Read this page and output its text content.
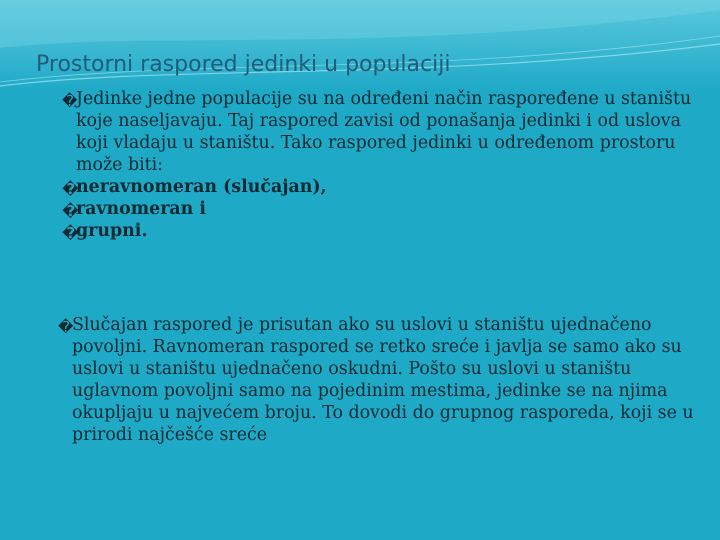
Prostorni raspored jedinki u populaciji

�
Jedinke jedne populacije su na određeni način raspoređene u staništu koje naseljavaju. Taj raspored zavisi od ponašanja jedinki i od uslova koji vladaju u staništu. Tako raspored jedinki u određenom prostoru može biti:

�
neravnomeran (slučajan),

�
ravnomeran i

�
grupni.

�
Slučajan raspored je prisutan ako su uslovi u staništu ujednačeno povoljni. Ravnomeran raspored se retko sreće i javlja se samo ako su uslovi u staništu ujednačeno oskudni. Pošto su uslovi u staništu uglavnom povoljni samo na pojedinim mestima, jedinke se na njima okupljaju u najvećem broju. To dovodi do grupnog rasporeda, koji se u prirodi najčešće sreće
